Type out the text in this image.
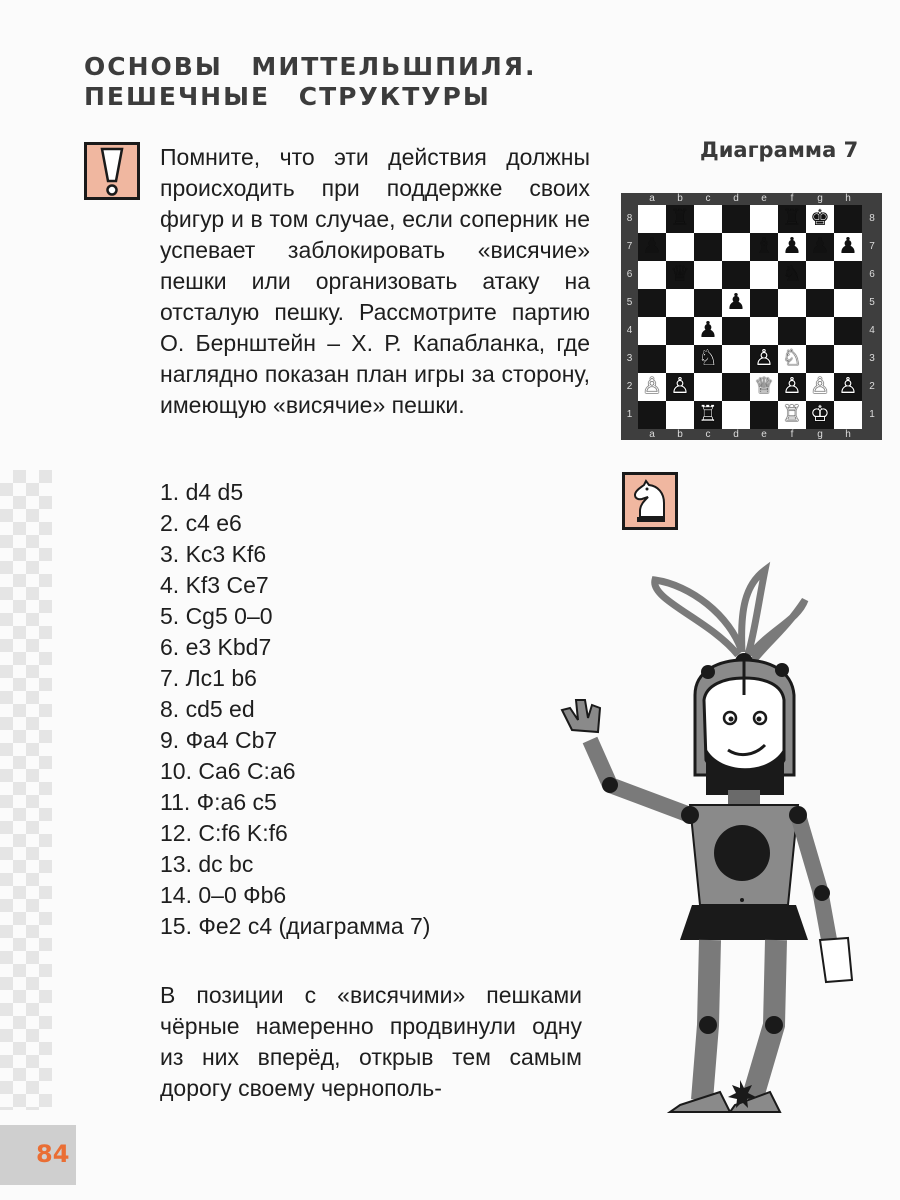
ОСНОВЫ МИТТЕЛЬШПИЛЯ.
ПЕШЕЧНЫЕ СТРУКТУРЫ

Помните, что эти действия должны происходить при поддержке своих фигур и в том случае, если соперник не успевает заблокировать «висячие» пешки или организовать атаку на отсталую пешку. Рассмотрите партию О. Бернштейн – Х. Р. Капабланка, где наглядно показан план игры за сторону, имеющую «висячие» пешки.

1. d4 d5
2. c4 e6
3. Kc3 Kf6
4. Kf3 Ce7
5. Cg5 0–0
6. e3 Kbd7
7. Лc1 b6
8. cd5 ed
9. Фa4 Cb7
10. Ca6 C:a6
11. Ф:a6 c5
12. C:f6 K:f6
13. dc bc
14. 0–0 Фb6
15. Фe2 c4 (диаграмма 7)

В позиции с «висячими» пешками чёрные намеренно продвинули одну из них вперёд, открыв тем самым дорогу своему чернополь-

Диаграмма 7
a	b	c	d	e	f	g	h
8
7
6
5
4
3
2
1
♜	♜ ♚
♟	♝ ♟ ♟ ♟
♛	♞
♟
♟
♘ ♙ ♘
♙ ♙	♕ ♙ ♙ ♙
♖	♖ ♔
8
7
6
5
4
3
2
1
a	b	c	d	e	f	g	h
84
